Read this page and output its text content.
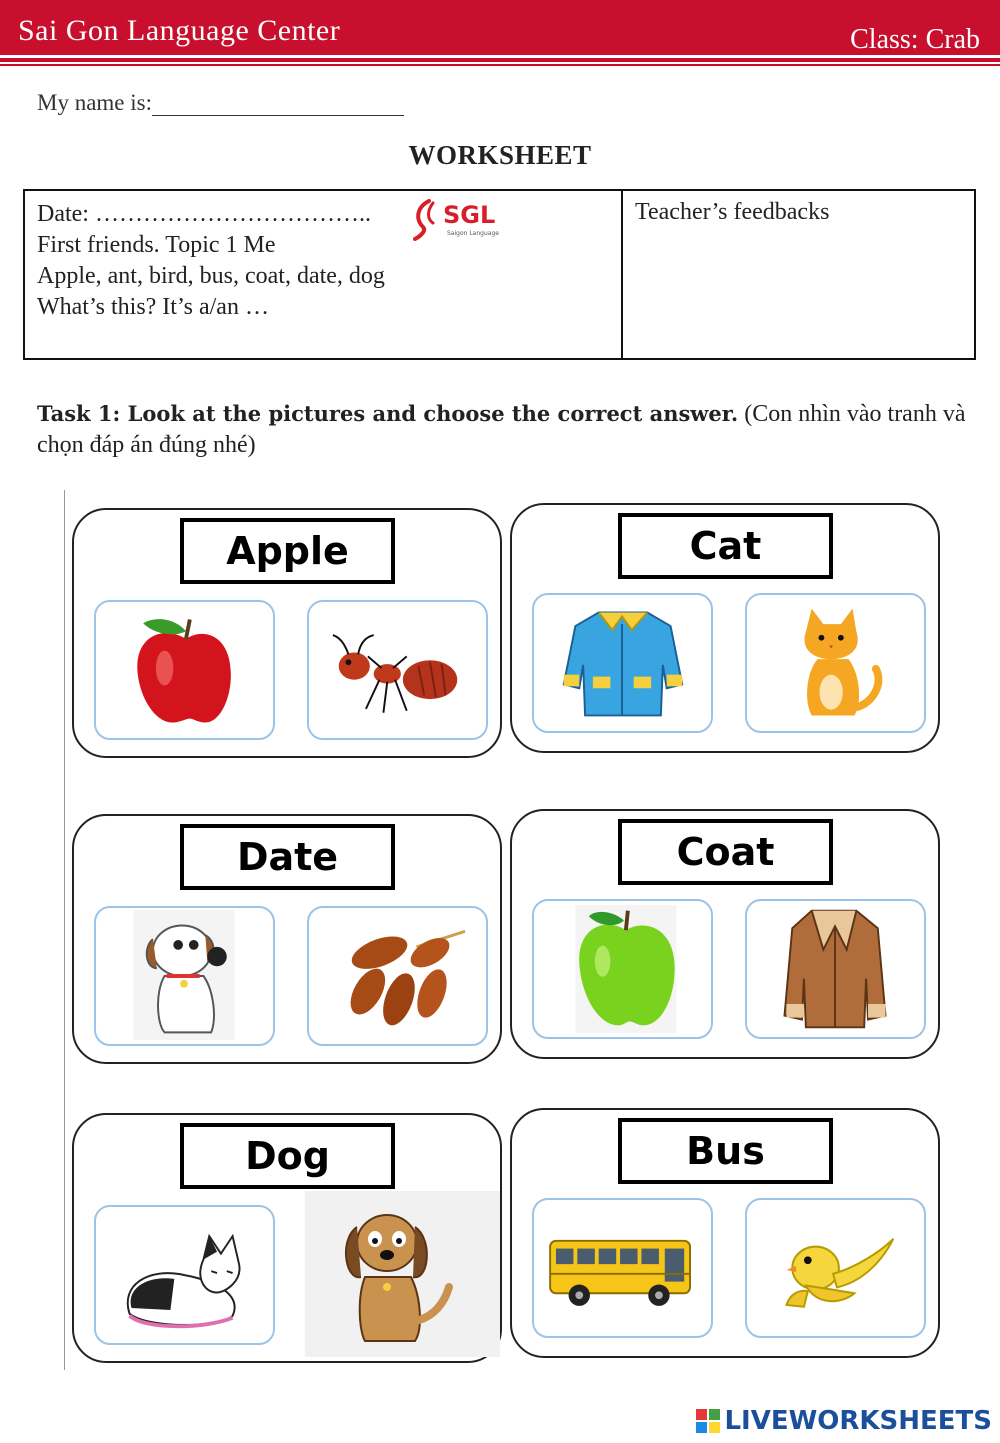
Sai Gon Language Center	Class: Crab
My name is:
WORKSHEET
Date: ……………………………..
First friends. Topic 1 Me
Apple, ant, bird, bus, coat, date, dog
What’s this? It’s a/an …
SGL
Saigon Language
Teacher’s feedbacks
Task 1: Look at the pictures and choose the correct answer. (Con nhìn vào tranh và chọn đáp án đúng nhé)
Apple	Cat
Date	Coat
Dog	Bus
LIVEWORKSHEETS
